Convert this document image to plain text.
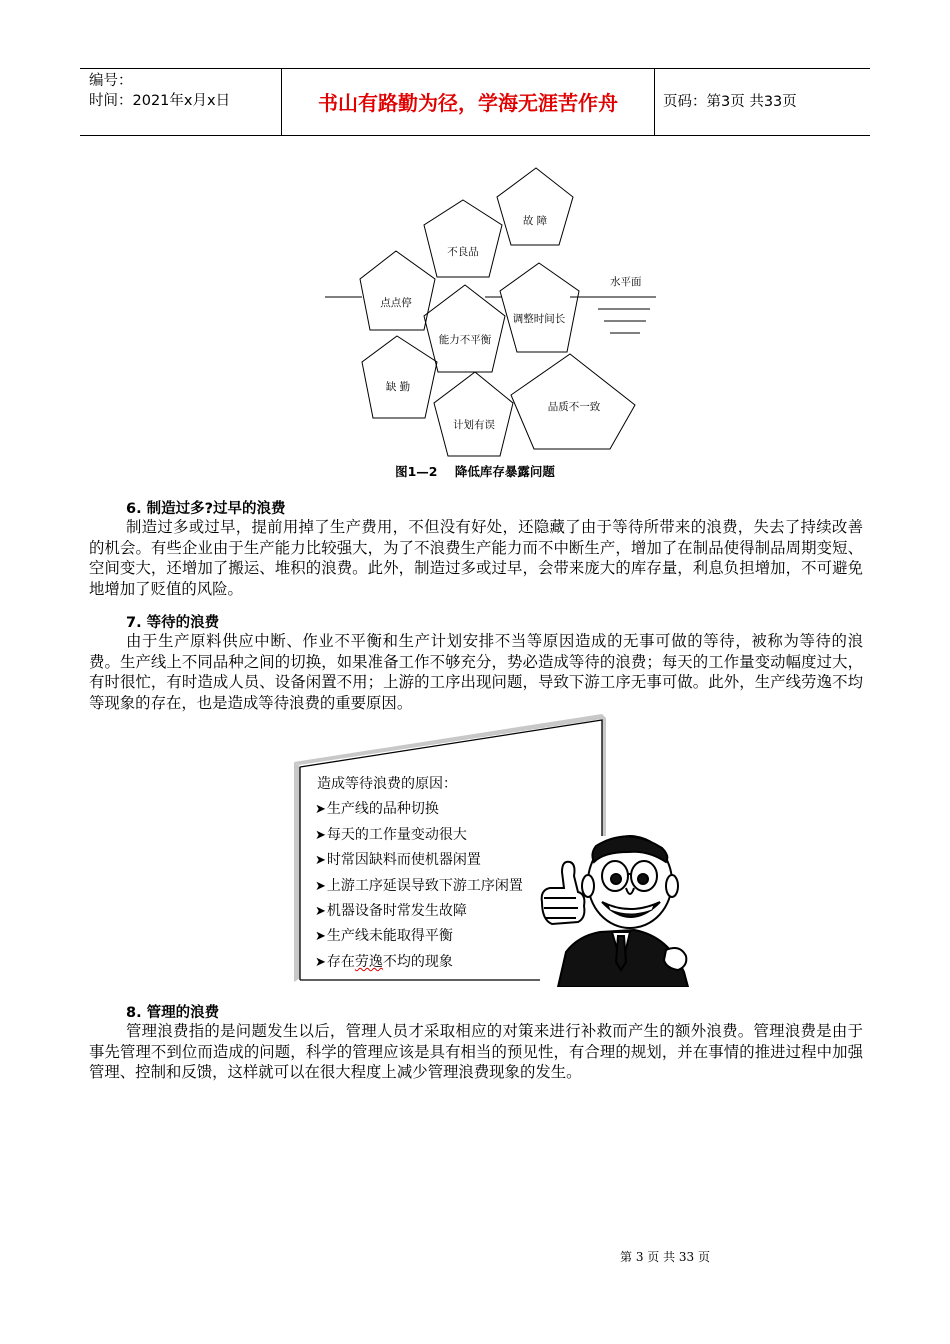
编号：
时间：2021年x月x日	书山有路勤为径，学海无涯苦作舟	页码：第3页 共33页
故 障
不良品
点点停
能力不平衡
调整时间长
缺 勤
计划有误
品质不一致
水平面
图1—2    降低库存暴露问题
6. 制造过多?过早的浪费
制造过多或过早，提前用掉了生产费用，不但没有好处，还隐藏了由于等待所带来的浪费，失去了持续改善的机会。有些企业由于生产能力比较强大，为了不浪费生产能力而不中断生产，增加了在制品使得制品周期变短、空间变大，还增加了搬运、堆积的浪费。此外，制造过多或过早，会带来庞大的库存量，利息负担增加，不可避免地增加了贬值的风险。
7. 等待的浪费
由于生产原料供应中断、作业不平衡和生产计划安排不当等原因造成的无事可做的等待，被称为等待的浪费。生产线上不同品种之间的切换，如果准备工作不够充分，势必造成等待的浪费；每天的工作量变动幅度过大，有时很忙，有时造成人员、设备闲置不用；上游的工序出现问题，导致下游工序无事可做。此外，生产线劳逸不均等现象的存在，也是造成等待浪费的重要原因。
造成等待浪费的原因：
➤生产线的品种切换
➤每天的工作量变动很大
➤时常因缺料而使机器闲置
➤上游工序延误导致下游工序闲置
➤机器设备时常发生故障
➤生产线未能取得平衡
➤存在劳逸不均的现象
8. 管理的浪费
管理浪费指的是问题发生以后，管理人员才采取相应的对策来进行补救而产生的额外浪费。管理浪费是由于事先管理不到位而造成的问题，科学的管理应该是具有相当的预见性，有合理的规划，并在事情的推进过程中加强管理、控制和反馈，这样就可以在很大程度上减少管理浪费现象的发生。
第 3 页 共 33 页
